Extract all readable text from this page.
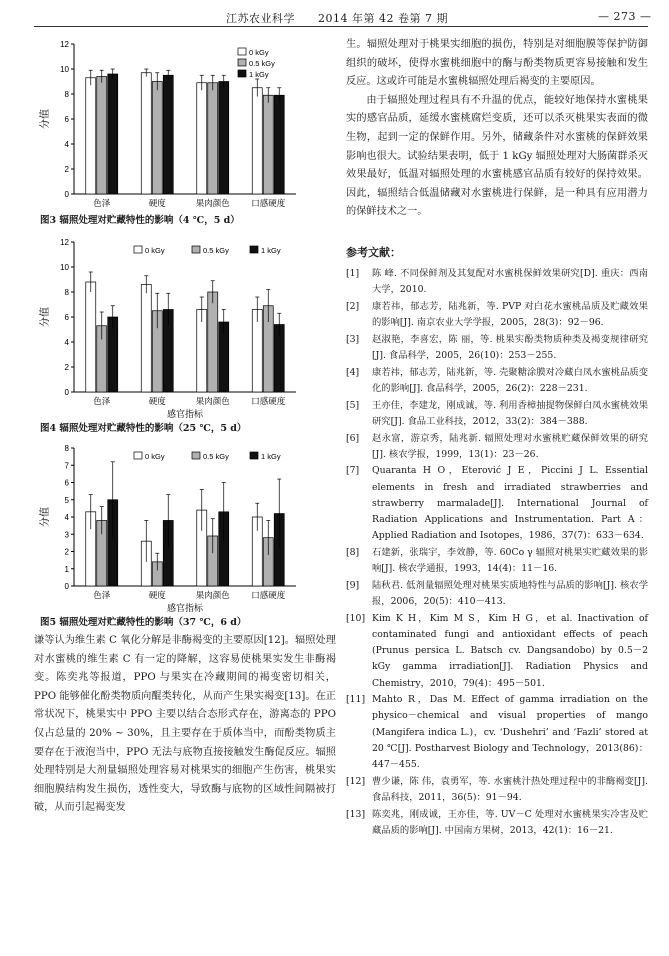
江苏农业科学 2014 年第 42 卷第 7 期	— 273 —
0
2
4
6
8
10
12
分值
色泽	硬度	果肉颜色	口感硬度
0 kGy
0.5 kGy
1 kGy
图3 辐照处理对贮藏特性的影响（4 ℃，5 d）
0
2
4
6
8
10
12
分值
色泽	硬度	果肉颜色	口感硬度
感官指标
0 kGy	0.5 kGy	1 kGy
图4 辐照处理对贮藏特性的影响（25 ℃，5 d）
0
1
2
3
4
5
6
7
8
分值
色泽	硬度	果肉颜色	口感硬度
感官指标
0 kGy	0.5 kGy	1 kGy
图5 辐照处理对贮藏特性的影响（37 ℃，6 d）

谦等认为维生素 C 氧化分解是非酶褐变的主要原因[12]。辐照处理对水蜜桃的维生素 C 有一定的降解，这容易使桃果实发生非酶褐变。陈奕兆等报道，PPO 与果实在冷藏期间的褐变密切相关，PPO 能够催化酚类物质向醌类转化，从而产生果实褐变[13]。在正常状况下，桃果实中 PPO 主要以结合态形式存在，游离态的 PPO 仅占总量的 20% ~ 30%，且主要存在于质体当中，而酚类物质主要存在于液泡当中，PPO 无法与底物直接接触发生酶促反应。辐照处理特别是大剂量辐照处理容易对桃果实的细胞产生伤害，桃果实细胞膜结构发生损伤，透性变大，导致酶与底物的区域性间隔被打破，从而引起褐变发

生。辐照处理对于桃果实细胞的损伤，特别是对细胞膜等保护防御组织的破坏，使得水蜜桃细胞中的酶与酚类物质更容易接触和发生反应。这或许可能是水蜜桃辐照处理后褐变的主要原因。

由于辐照处理过程具有不升温的优点，能较好地保持水蜜桃果实的感官品质，延缓水蜜桃腐烂变质，还可以杀灭桃果实表面的微生物，起到一定的保鲜作用。另外，储藏条件对水蜜桃的保鲜效果影响也很大。试验结果表明，低于 1 kGy 辐照处理对大肠菌群杀灭效果最好，低温对辐照处理的水蜜桃感官品质有较好的保持效果。因此，辐照结合低温储藏对水蜜桃进行保鲜，是一种具有应用潜力的保鲜技术之一。

参考文献：
[1]	陈 峰. 不同保鲜剂及其复配对水蜜桃保鲜效果研究[D]. 重庆：西南大学，2010.
[2]	康若祎，郁志芳，陆兆新，等. PVP 对白花水蜜桃品质及贮藏效果的影响[J]. 南京农业大学学报，2005，28(3)：92－96.
[3]	赵淑艳，李喜宏，陈 丽，等. 桃果实酚类物质种类及褐变规律研究[J]. 食品科学，2005，26(10)：253－255.
[4]	康若祎，郁志芳，陆兆新，等. 壳聚糖涂膜对冷藏白凤水蜜桃品质变化的影响[J]. 食品科学，2005，26(2)：228－231.
[5]	王亦佳，李建龙，刚成诚，等. 利用香樟抽提物保鲜白凤水蜜桃效果研究[J]. 食品工业科技，2012，33(2)：384－388.
[6]	赵永富，游京秀，陆兆新. 辐照处理对水蜜桃贮藏保鲜效果的研究[J]. 核农学报，1999，13(1)：23－26.
[7]	Quaranta H O，Eterović J E，Piccini J L. Essential elements in fresh and irradiated strawberries and strawberry marmalade[J]. International Journal of Radiation Applications and Instrumentation. Part A：Applied Radiation and Isotopes，1986，37(7)：633－634.
[8]	石建新，张瑞宇，李效静，等. 60Co γ 辐照对桃果实贮藏效果的影响[J]. 核农学通报，1993，14(4)：11－16.
[9]	陆秋君. 低剂量辐照处理对桃果实质地特性与品质的影响[J]. 核农学报，2006，20(5)：410－413.
[10] Kim K H，Kim M S，Kim H G，et al. Inactivation of contaminated fungi and antioxidant effects of peach (Prunus persica L. Batsch cv. Dangsandobo) by 0.5－2 kGy gamma irradiation[J]. Radiation Physics and Chemistry，2010，79(4)：495－501.
[11] Mahto R，Das M. Effect of gamma irradiation on the physico－chemical and visual properties of mango (Mangifera indica L.)，cv. ‘Dushehri’ and ‘Fazli’ stored at 20 ℃[J]. Postharvest Biology and Technology，2013(86)：447－455.
[12] 曹少谦，陈 伟，袁勇军，等. 水蜜桃汁热处理过程中的非酶褐变[J]. 食品科技，2011，36(5)：91－94.
[13] 陈奕兆，刚成诚，王亦佳，等. UV－C 处理对水蜜桃果实冷害及贮藏品质的影响[J]. 中国南方果树，2013，42(1)：16－21.
